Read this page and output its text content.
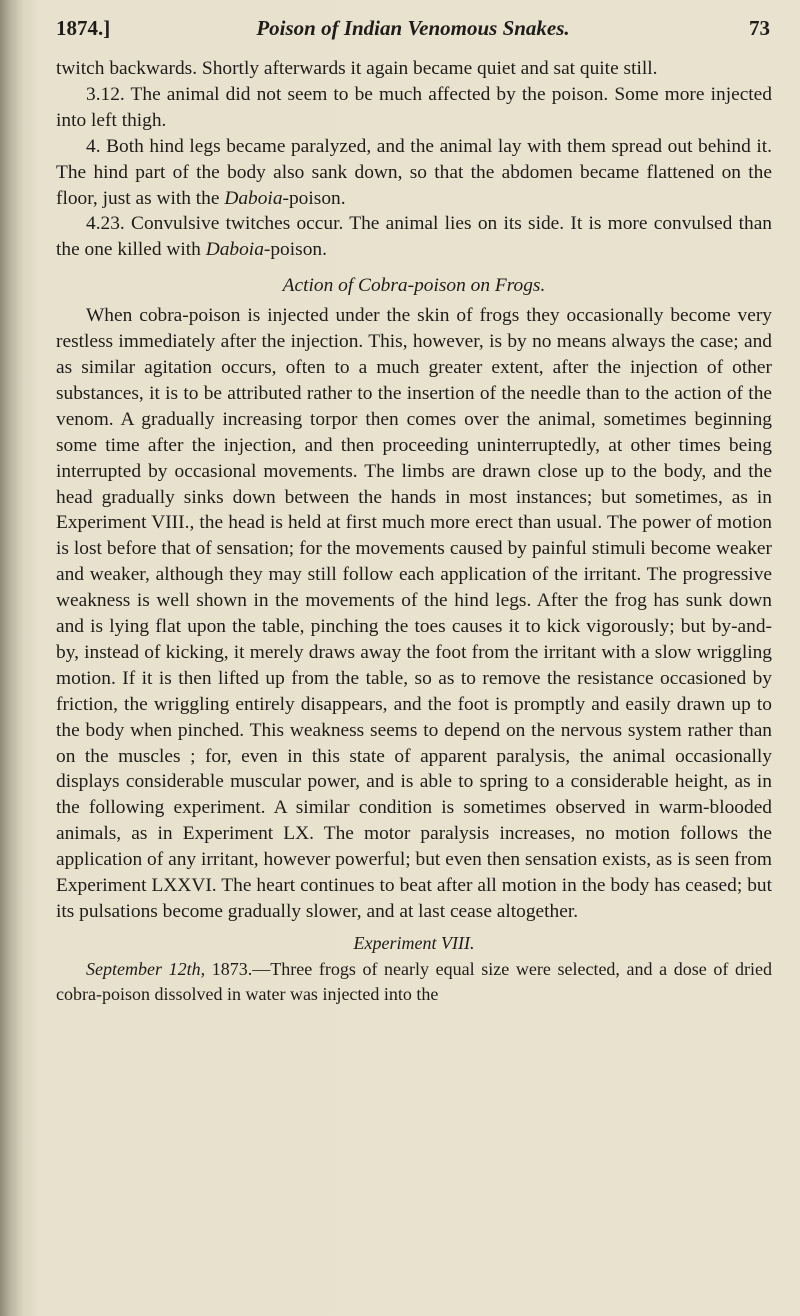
1874.]	Poison of Indian Venomous Snakes.	73

twitch backwards. Shortly afterwards it again became quiet and sat quite still.

3.12. The animal did not seem to be much affected by the poison. Some more injected into left thigh.

4. Both hind legs became paralyzed, and the animal lay with them spread out behind it. The hind part of the body also sank down, so that the abdomen became flattened on the floor, just as with the Daboia-poison.

4.23. Convulsive twitches occur. The animal lies on its side. It is more convulsed than the one killed with Daboia-poison.

Action of Cobra-poison on Frogs.

When cobra-poison is injected under the skin of frogs they occasionally become very restless immediately after the injection. This, however, is by no means always the case; and as similar agitation occurs, often to a much greater extent, after the injection of other substances, it is to be attributed rather to the insertion of the needle than to the action of the venom. A gradually increasing torpor then comes over the animal, sometimes beginning some time after the injection, and then proceeding uninterruptedly, at other times being interrupted by occasional movements. The limbs are drawn close up to the body, and the head gradually sinks down between the hands in most instances; but sometimes, as in Experiment VIII., the head is held at first much more erect than usual. The power of motion is lost before that of sensation; for the movements caused by painful stimuli become weaker and weaker, although they may still follow each application of the irritant. The progressive weakness is well shown in the movements of the hind legs. After the frog has sunk down and is lying flat upon the table, pinching the toes causes it to kick vigorously; but by-and-by, instead of kicking, it merely draws away the foot from the irritant with a slow wriggling motion. If it is then lifted up from the table, so as to remove the resistance occasioned by friction, the wriggling entirely disappears, and the foot is promptly and easily drawn up to the body when pinched. This weakness seems to depend on the nervous system rather than on the muscles ; for, even in this state of apparent paralysis, the animal occasionally displays considerable muscular power, and is able to spring to a considerable height, as in the following experiment. A similar condition is sometimes observed in warm-blooded animals, as in Experiment LX. The motor paralysis increases, no motion follows the application of any irritant, however powerful; but even then sensation exists, as is seen from Experiment LXXVI. The heart continues to beat after all motion in the body has ceased; but its pulsations become gradually slower, and at last cease altogether.

Experiment VIII.

September 12th, 1873.—Three frogs of nearly equal size were selected, and a dose of dried cobra-poison dissolved in water was injected into the
